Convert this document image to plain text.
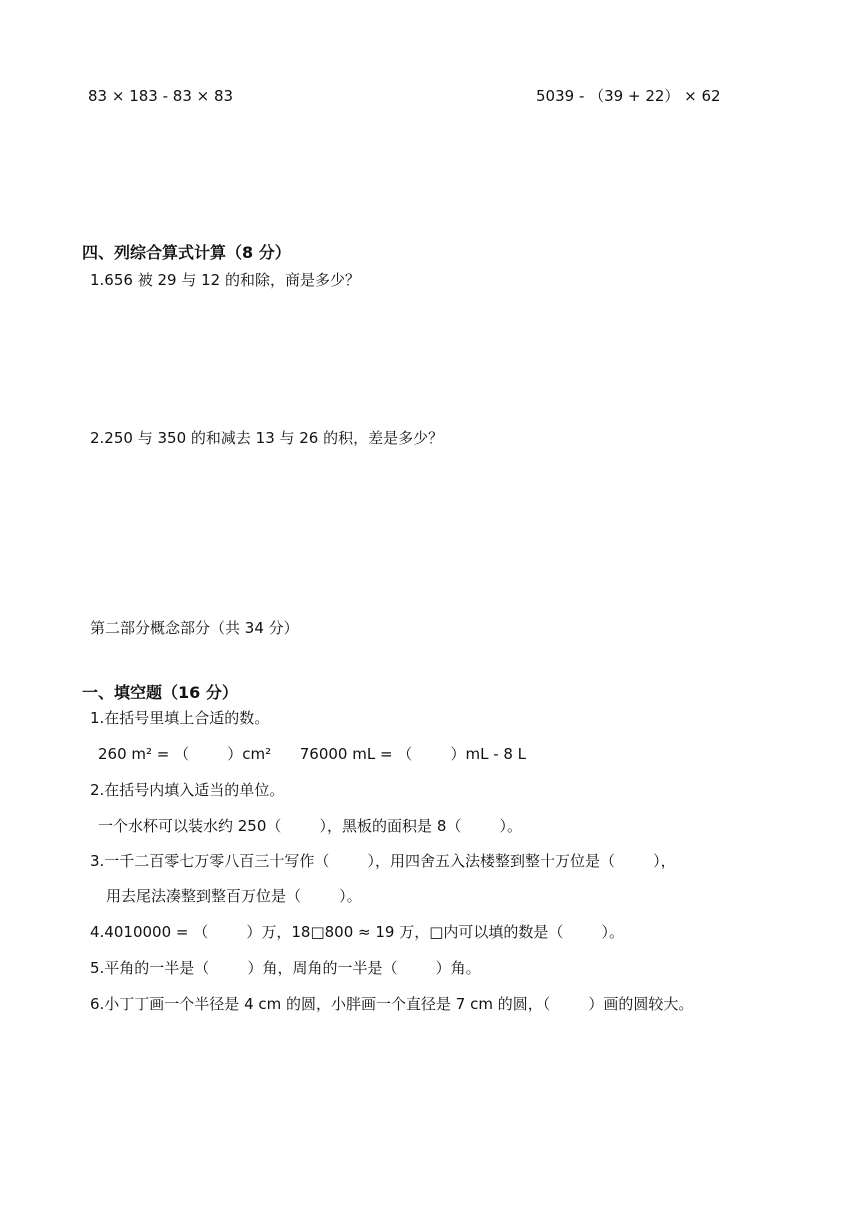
83 × 183 - 83 × 83	5039 - （39 + 22） × 62
四、列综合算式计算（8 分）
1.656 被 29 与 12 的和除，商是多少？
2.250 与 350 的和减去 13 与 26 的积，差是多少？
第二部分概念部分（共 34 分）
一、填空题（16 分）
1.在括号里填上合适的数。
260 m² = （        ）cm²      76000 mL = （        ）mL - 8 L
2.在括号内填入适当的单位。
一个水杯可以装水约 250（        ），黑板的面积是 8（        ）。
3.一千二百零七万零八百三十写作（        ），用四舍五入法楼整到整十万位是（        ），
用去尾法凑整到整百万位是（        ）。
4.4010000 = （        ）万，18□800 ≈ 19 万，□内可以填的数是（        ）。
5.平角的一半是（        ）角，周角的一半是（        ）角。
6.小丁丁画一个半径是 4 cm 的圆，小胖画一个直径是 7 cm 的圆，（        ）画的圆较大。
